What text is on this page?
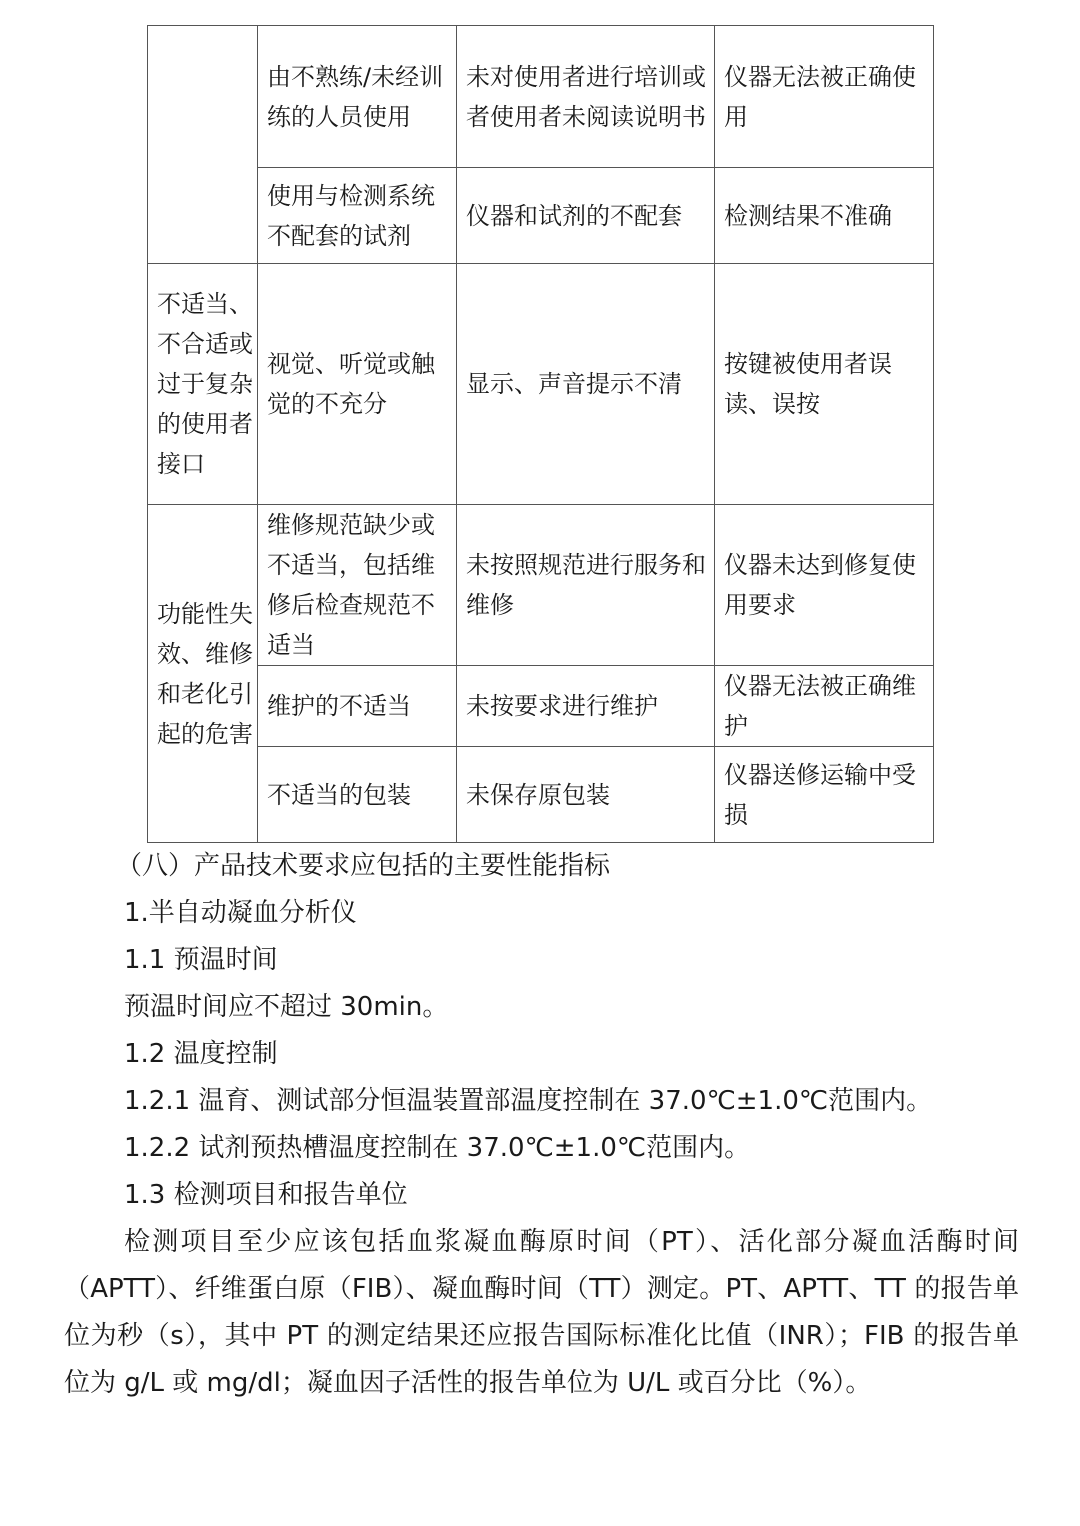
	由不熟练/未经训练的人员使用	未对使用者进行培训或者使用者未阅读说明书	仪器无法被正确使用
	使用与检测系统不配套的试剂	仪器和试剂的不配套	检测结果不准确
不适当、不合适或过于复杂的使用者接口	视觉、听觉或触觉的不充分	显示、声音提示不清	按键被使用者误读、误按
功能性失效、维修和老化引起的危害	维修规范缺少或不适当，包括维修后检查规范不适当	未按照规范进行服务和维修	仪器未达到修复使用要求
	维护的不适当	未按要求进行维护	仪器无法被正确维护
	不适当的包装	未保存原包装	仪器送修运输中受损

（八）产品技术要求应包括的主要性能指标

1.半自动凝血分析仪

1.1 预温时间

预温时间应不超过 30min。

1.2 温度控制

1.2.1 温育、测试部分恒温装置部温度控制在 37.0℃±1.0℃范围内。

1.2.2 试剂预热槽温度控制在 37.0℃±1.0℃范围内。

1.3 检测项目和报告单位

检测项目至少应该包括血浆凝血酶原时间（PT）、活化部分凝血活酶时间（APTT）、纤维蛋白原（FIB）、凝血酶时间（TT）测定。PT、APTT、TT 的报告单位为秒（s），其中 PT 的测定结果还应报告国际标准化比值（INR）；FIB 的报告单位为 g/L 或 mg/dl；凝血因子活性的报告单位为 U/L 或百分比（%）。
